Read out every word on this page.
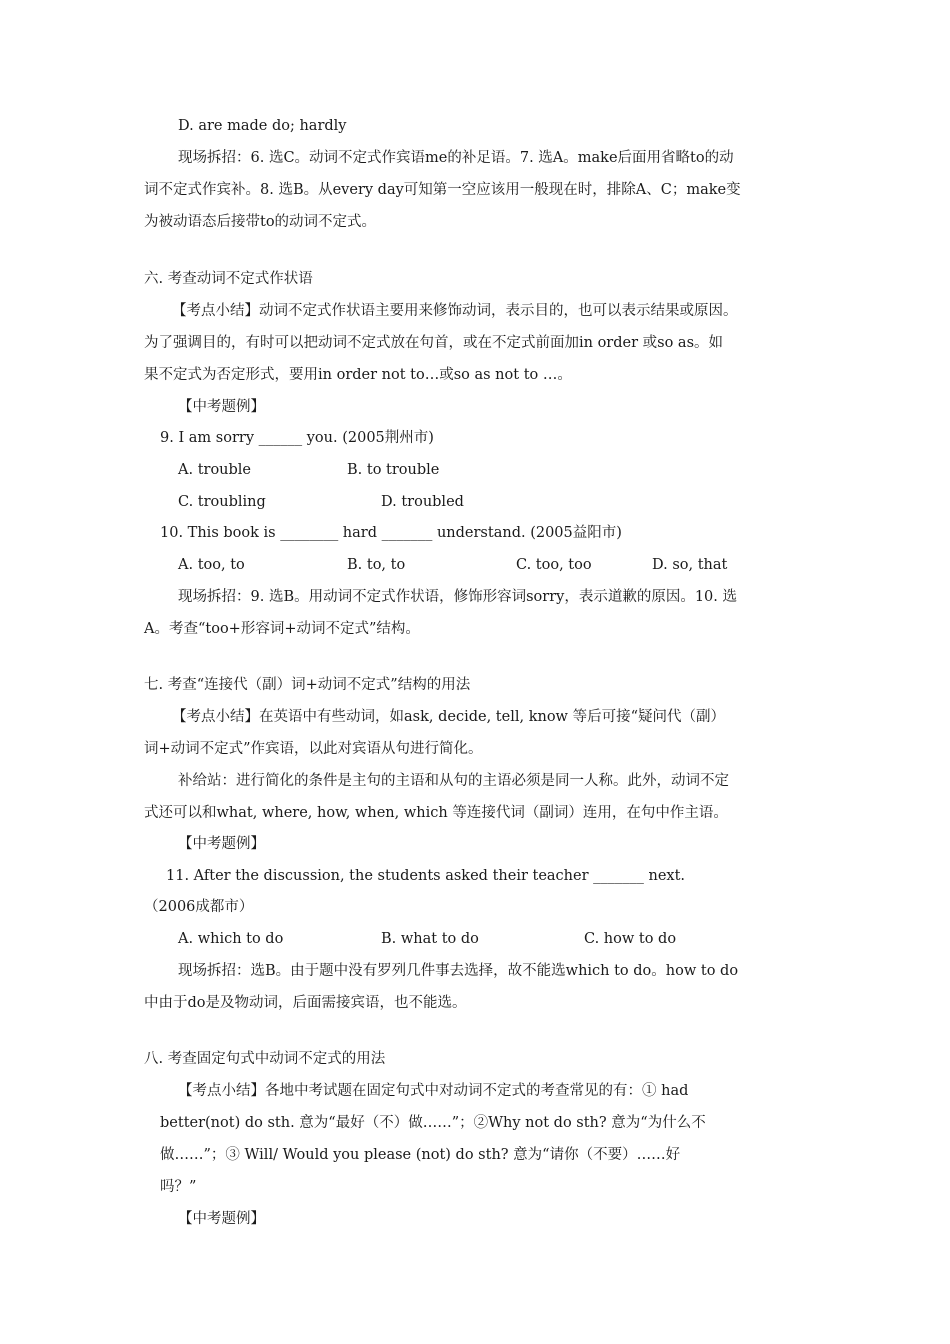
D. are made do; hardly
现场拆招：6. 选C。动词不定式作宾语me的补足语。7. 选A。make后面用省略to的动
词不定式作宾补。8. 选B。从every day可知第一空应该用一般现在时，排除A、C；make变
为被动语态后接带to的动词不定式。
六. 考查动词不定式作状语
【考点小结】动词不定式作状语主要用来修饰动词，表示目的，也可以表示结果或原因。
为了强调目的，有时可以把动词不定式放在句首，或在不定式前面加in order 或so as。如
果不定式为否定形式，要用in order not to…或so as not to …。
【中考题例】
9. I am sorry ______ you. (2005荆州市)
A. trouble	B. to trouble
C. troubling	D. troubled
10. This book is ________ hard _______ understand. (2005益阳市)
A. too, to	B. to, to	C. too, too	D. so, that
现场拆招：9. 选B。用动词不定式作状语，修饰形容词sorry，表示道歉的原因。10. 选
A。考查“too+形容词+动词不定式”结构。
七. 考查“连接代（副）词+动词不定式”结构的用法
【考点小结】在英语中有些动词，如ask, decide, tell, know 等后可接“疑问代（副）
词+动词不定式”作宾语，以此对宾语从句进行简化。
补给站：进行简化的条件是主句的主语和从句的主语必须是同一人称。此外，动词不定
式还可以和what, where, how, when, which 等连接代词（副词）连用，在句中作主语。
【中考题例】
11. After the discussion, the students asked their teacher _______ next.
（2006成都市）
A. which to do	B. what to do	C. how to do
现场拆招：选B。由于题中没有罗列几件事去选择，故不能选which to do。how to do
中由于do是及物动词，后面需接宾语，也不能选。
八. 考查固定句式中动词不定式的用法
【考点小结】各地中考试题在固定句式中对动词不定式的考查常见的有：① had
better(not) do sth. 意为“最好（不）做……”；②Why not do sth? 意为“为什么不
做……”；③ Will/ Would you please (not) do sth? 意为“请你（不要）……好
吗？”
【中考题例】
